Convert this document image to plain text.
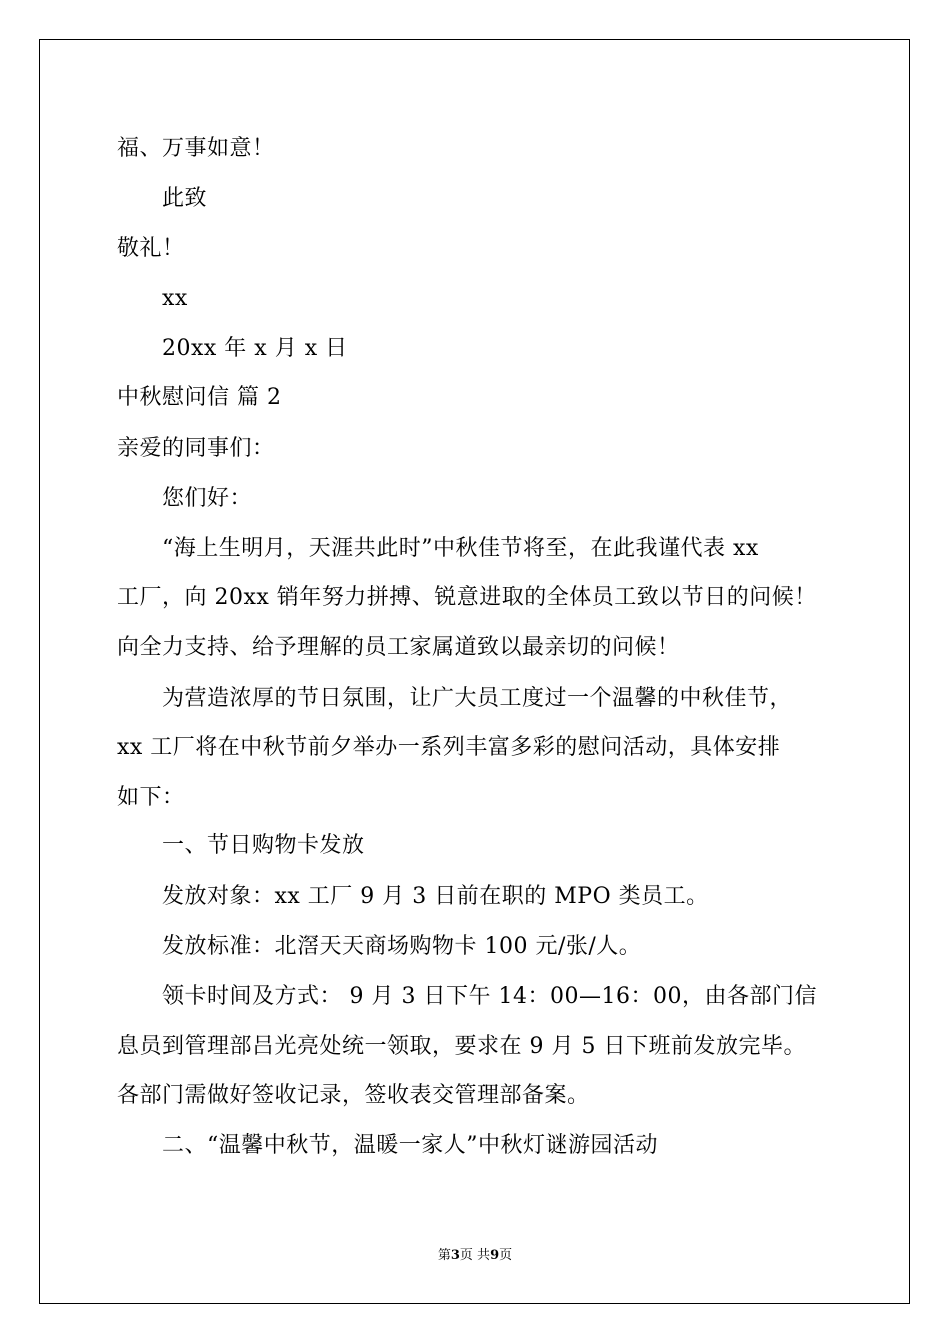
福、万事如意！
此致
敬礼！
xx
20xx 年 x 月 x 日
中秋慰问信 篇 2
亲爱的同事们：
您们好：
“海上生明月，天涯共此时”中秋佳节将至，在此我谨代表 xx
工厂，向 20xx 销年努力拼搏、锐意进取的全体员工致以节日的问候！
向全力支持、给予理解的员工家属道致以最亲切的问候！
为营造浓厚的节日氛围，让广大员工度过一个温馨的中秋佳节，
xx 工厂将在中秋节前夕举办一系列丰富多彩的慰问活动，具体安排
如下：
一、节日购物卡发放
发放对象：xx 工厂 9 月 3 日前在职的 MPO 类员工。
发放标准：北滘天天商场购物卡 100 元/张/人。
领卡时间及方式： 9 月 3 日下午 14：00—16：00，由各部门信
息员到管理部吕光亮处统一领取，要求在 9 月 5 日下班前发放完毕。
各部门需做好签收记录，签收表交管理部备案。
二、“温馨中秋节，温暖一家人”中秋灯谜游园活动
第3页 共9页
